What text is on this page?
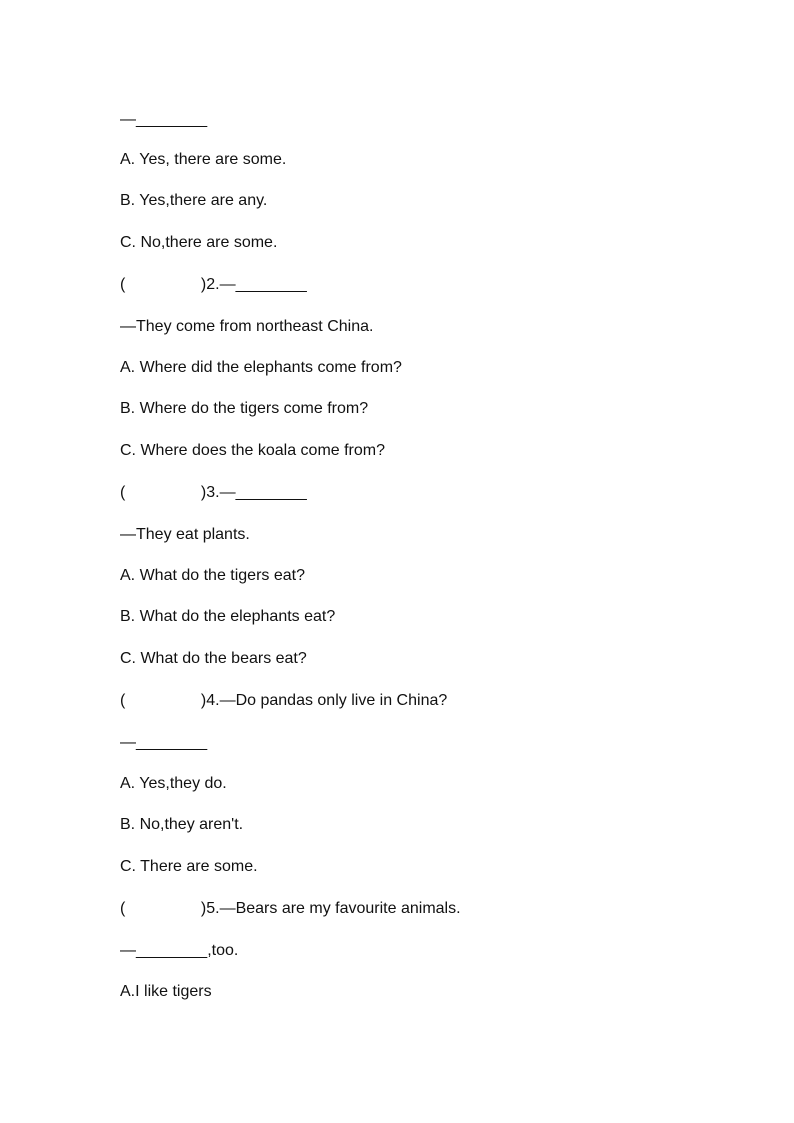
—________
A. Yes, there are some.
B. Yes,there are any.
C. No,there are some.
(                 )2.—________
—They come from northeast China.
A. Where did the elephants come from?
B. Where do the tigers come from?
C. Where does the koala come from?
(                 )3.—________
—They eat plants.
A. What do the tigers eat?
B. What do the elephants eat?
C. What do the bears eat?
(                 )4.—Do pandas only live in China?
—________
A. Yes,they do.
B. No,they aren't.
C. There are some.
(                 )5.—Bears are my favourite animals.
—________,too.
A.I like tigers
